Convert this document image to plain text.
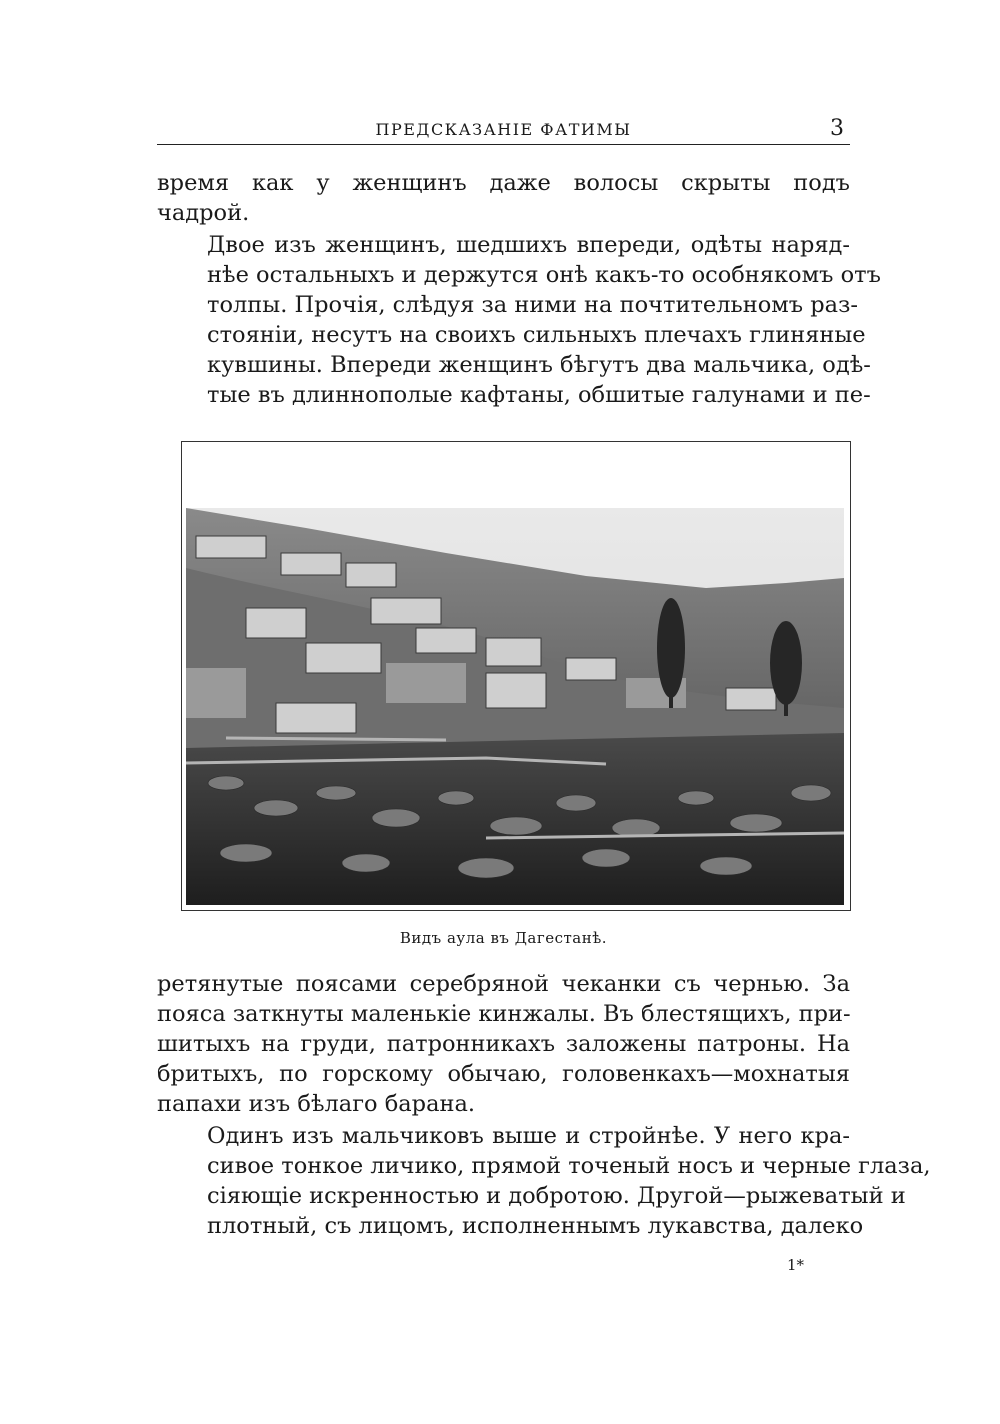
ПРЕДСКАЗАНІЕ ФАТИМЫ	3

время как у женщинъ даже волосы скрыты подъ
чадрой.

Двое изъ женщинъ, шедшихъ впереди, одѣты наряд-
нѣе остальныхъ и держутся онѣ какъ-то особнякомъ отъ
толпы. Прочія, слѣдуя за ними на почтительномъ раз-
стояніи, несутъ на своихъ сильныхъ плечахъ глиняные
кувшины. Впереди женщинъ бѣгутъ два мальчика, одѣ-
тые въ длиннополые кафтаны, обшитые галунами и пе-

Видъ аула въ Дагестанѣ.

ретянутые поясами серебряной чеканки съ чернью. За
пояса заткнуты маленькіе кинжалы. Въ блестящихъ, при-
шитыхъ на груди, патронникахъ заложены патроны. На
бритыхъ, по горскому обычаю, головенкахъ—мохнатыя
папахи изъ бѣлаго барана.

Одинъ изъ мальчиковъ выше и стройнѣе. У него кра-
сивое тонкое личико, прямой точеный носъ и черные глаза,
сіяющіе искренностью и добротою. Другой—рыжеватый и
плотный, съ лицомъ, исполненнымъ лукавства, далеко

1*
